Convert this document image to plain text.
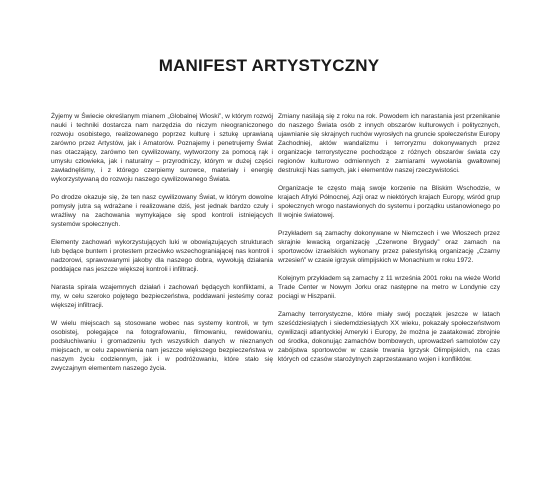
MANIFEST ARTYSTYCZNY

Żyjemy w Świecie określanym mianem „Globalnej Wioski”, w którym rozwój nauki i techniki dostarcza nam narzędzia do niczym nieograniczonego rozwoju osobistego, realizowanego poprzez kulturę i sztukę uprawianą zarówno przez Artystów, jak i Amatorów. Poznajemy i penetrujemy Świat nas otaczający, zarówno ten cywilizowany, wytworzony za pomocą rąk i umysłu człowieka, jak i naturalny – przyrodniczy, którym w dużej części zawładnęliśmy, i z którego czerpiemy surowce, materiały i energię wykorzystywaną do rozwoju naszego cywilizowanego Świata.

Po drodze okazuje się, że ten nasz cywilizowany Świat, w którym dowolne pomysły jutra są wdrażane i realizowane dziś, jest jednak bardzo czuły i wrażliwy na zachowania wymykające się spod kontroli istniejących systemów społecznych.

Elementy zachowań wykorzystujących luki w obowiązujących strukturach lub będące buntem i protestem przeciwko wszechograniającej nas kontroli i nadzorowi, sprawowanymi jakoby dla naszego dobra, wywołują działania poddające nas jeszcze większej kontroli i infiltracji.

Narasta spirala wzajemnych działań i zachowań będących konfliktami, a my, w celu szeroko pojętego bezpieczeństwa, poddawani jesteśmy coraz większej infiltracji.

W wielu miejscach są stosowane wobec nas systemy kontroli, w tym osobistej, polegające na fotografowaniu, filmowaniu, rewidowaniu, podsłuchiwaniu i gromadzeniu tych wszystkich danych w nieznanych miejscach, w celu zapewnienia nam jeszcze większego bezpieczeństwa w naszym życiu codziennym, jak i w podróżowaniu, które stało się zwyczajnym elementem naszego życia.

Zmiany nasilają się z roku na rok. Powodem ich narastania jest przenikanie do naszego Świata osób z innych obszarów kulturowych i politycznych, ujawnianie się skrajnych ruchów wyrosłych na gruncie społeczeństw Europy Zachodniej, aktów wandalizmu i terroryzmu dokonywanych przez organizacje terrorystyczne pochodzące z różnych obszarów świata czy regionów kulturowo odmiennych z zamiarami wywołania gwałtownej destrukcji Nas samych, jak i elementów naszej rzeczywistości.

Organizacje te często mają swoje korzenie na Bliskim Wschodzie, w krajach Afryki Północnej, Azji oraz w niektórych krajach Europy, wśród grup społecznych wrogo nastawionych do systemu i porządku ustanowionego po II wojnie światowej.

Przykładem są zamachy dokonywane w Niemczech i we Włoszech przez skrajnie lewacką organizację „Czerwone Brygady” oraz zamach na sportowców izraelskich wykonany przez palestyńską organizację „Czarny wrzesień” w czasie igrzysk olimpijskich w Monachium w roku 1972.

Kolejnym przykładem są zamachy z 11 września 2001 roku na wieże World Trade Center w Nowym Jorku oraz następne na metro w Londynie czy pociągi w Hiszpanii.

Zamachy terrorystyczne, które miały swój początek jeszcze w latach sześćdziesiątych i siedemdziesiątych XX wieku, pokazały społeczeństwom cywilizacji atlantyckiej Ameryki i Europy, że można je zaatakować zbrojnie od środka, dokonując zamachów bombowych, uprowadzeń samolotów czy zabójstwa sportowców w czasie trwania Igrzysk Olimpijskich, na czas których od czasów starożytnych zaprzestawano wojen i konfliktów.
